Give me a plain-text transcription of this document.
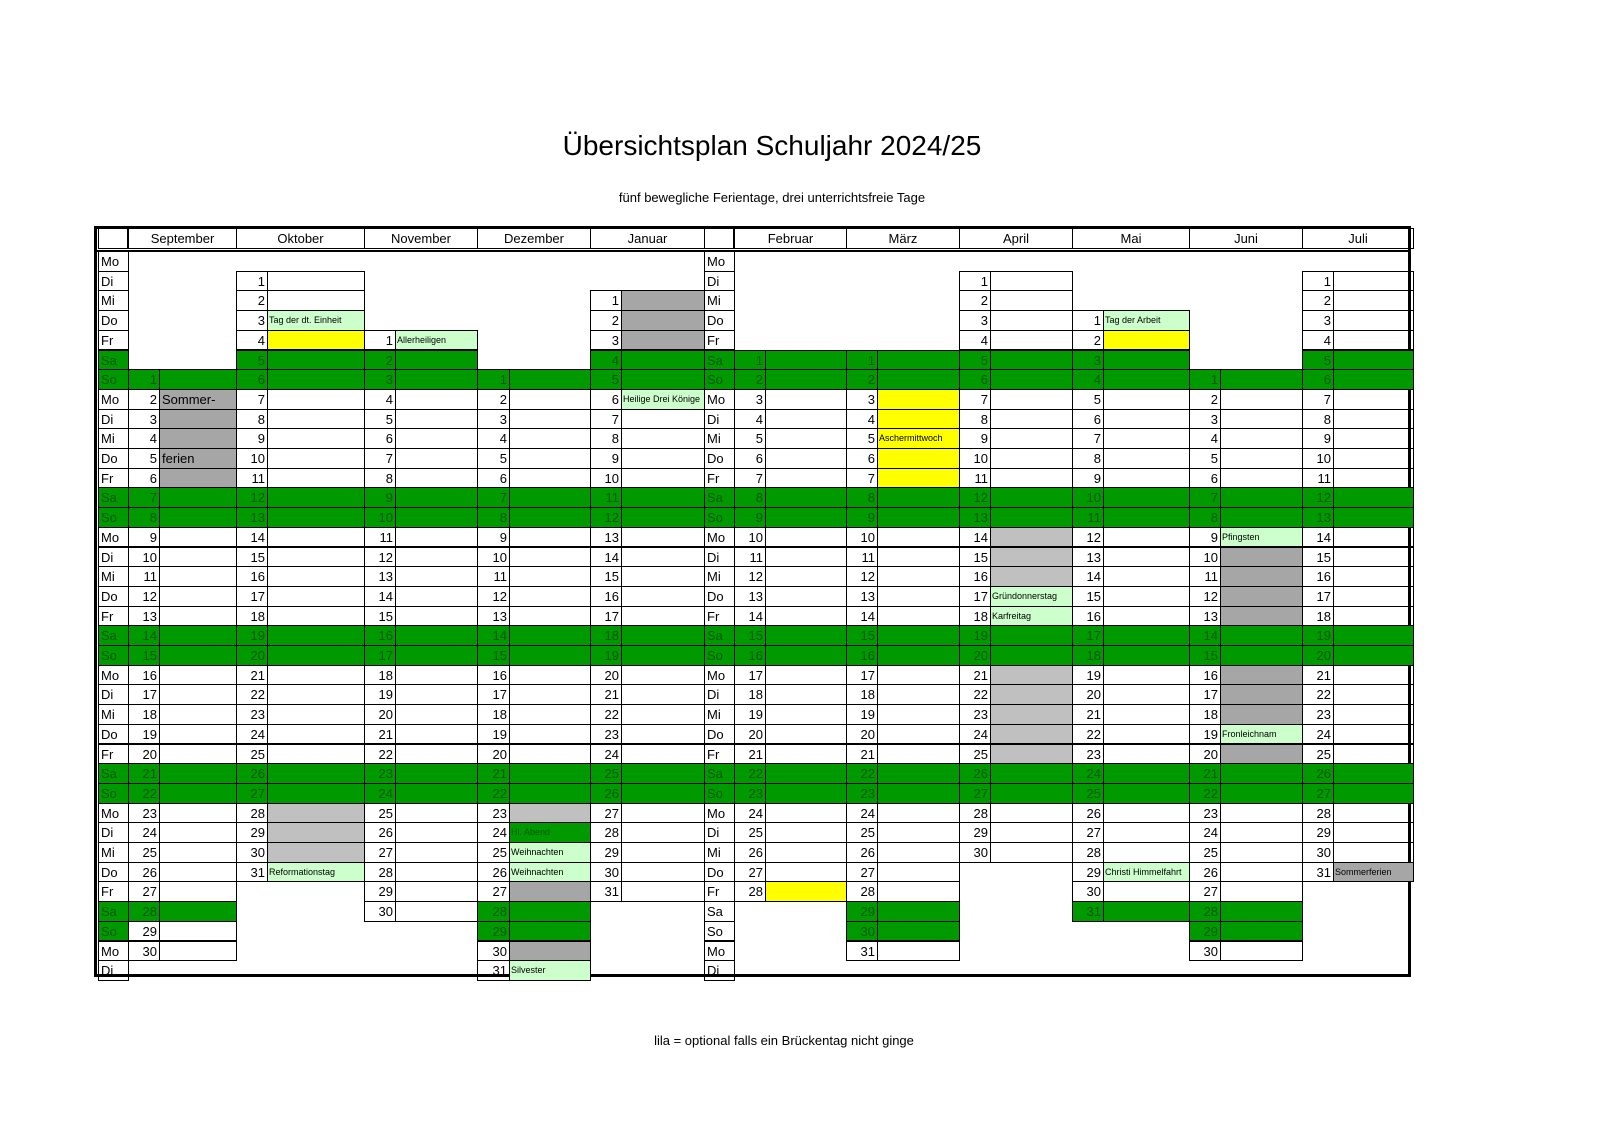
Übersichtsplan Schuljahr 2024/25
fünf bewegliche Ferientage, drei unterrichtsfreie Tage
Mo
Di
Mi
Do
Fr
Sa
So
Mo
Di
Mi
Do
Fr
Sa
So
Mo
Di
Mi
Do
Fr
Sa
So
Mo
Di
Mi
Do
Fr
Sa
So
Mo
Di
Mi
Do
Fr
Sa
So
Mo
Di
Mo
Di
Mi
Do
Fr
Sa
So
Mo
Di
Mi
Do
Fr
Sa
So
Mo
Di
Mi
Do
Fr
Sa
So
Mo
Di
Mi
Do
Fr
Sa
So
Mo
Di
Mi
Do
Fr
Sa
So
Mo
Di
September
1
2 Sommer-
3
4
5 ferien
6
7
8
9
10
11
12
13
14
15
16
17
18
19
20
21
22
23
24
25
26
27
28
29
30
Oktober
1
2
3 Tag der dt. Einheit
4
5
6
7
8
9
10
11
12
13
14
15
16
17
18
19
20
21
22
23
24
25
26
27
28
29
30
31 Reformationstag
November
1 Allerheiligen
2
3
4
5
6
7
8
9
10
11
12
13
14
15
16
17
18
19
20
21
22
23
24
25
26
27
28
29
30
Dezember
1
2
3
4
5
6
7
8
9
10
11
12
13
14
15
16
17
18
19
20
21
22
23
24 Hl. Abend
25 Weihnachten
26 Weihnachten
27
28
29
30
31 Silvester
Januar
1
2
3
4
5
6 Heilige Drei Könige
7
8
9
10
11
12
13
14
15
16
17
18
19
20
21
22
23
24
25
26
27
28
29
30
31
Februar
1
2
3
4
5
6
7
8
9
10
11
12
13
14
15
16
17
18
19
20
21
22
23
24
25
26
27
28
März
1
2
3
4
5 Aschermittwoch
6
7
8
9
10
11
12
13
14
15
16
17
18
19
20
21
22
23
24
25
26
27
28
29
30
31
April
1
2
3
4
5
6
7
8
9
10
11
12
13
14
15
16
17 Gründonnerstag
18 Karfreitag
19
20
21
22
23
24
25
26
27
28
29
30
Mai
1 Tag der Arbeit
2
3
4
5
6
7
8
9
10
11
12
13
14
15
16
17
18
19
20
21
22
23
24
25
26
27
28
29 Christi Himmelfahrt
30
31
Juni
1
2
3
4
5
6
7
8
9 Pfingsten
10
11
12
13
14
15
16
17
18
19 Fronleichnam
20
21
22
23
24
25
26
27
28
29
30
Juli
1
2
3
4
5
6
7
8
9
10
11
12
13
14
15
16
17
18
19
20
21
22
23
24
25
26
27
28
29
30
31 Sommerferien
lila = optional falls ein Brückentag nicht ginge
